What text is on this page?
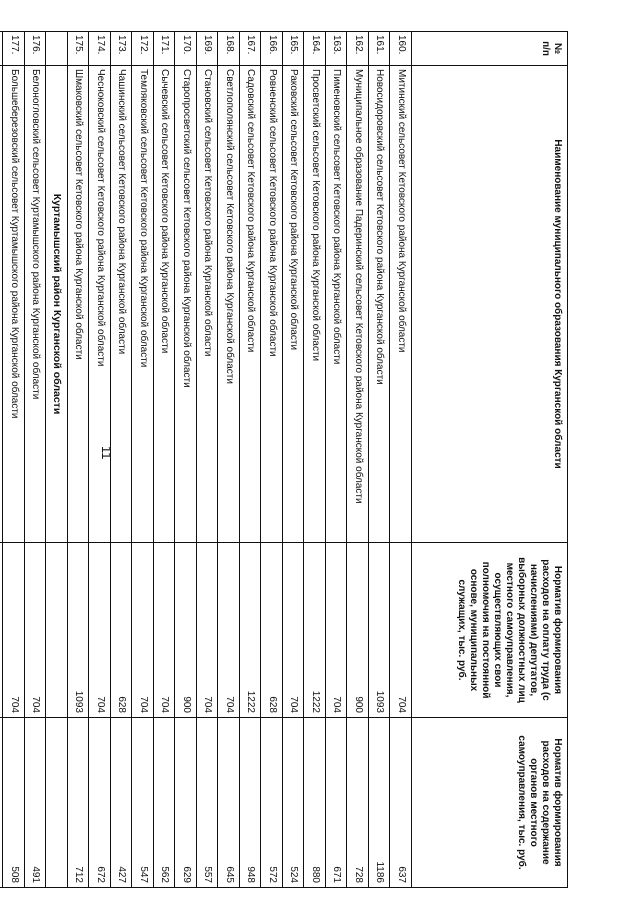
11
№
п/п	Наименование муниципального образования Курганской области	Норматив формирования расходов на оплату труда (с начислениями) депутатов, выборных должностных лиц местного самоуправления, осуществляющих свои полномочия на постоянной основе, муниципальных служащих, тыс. руб.	Норматив формирования расходов на содержание органов местного самоуправления, тыс. руб.
160.	Митинский сельсовет Кетовского района Курганской области	704	637
161.	Новосидоровский сельсовет Кетовского района Курганской области	1093	1186
162.	Муниципальное образование Падеринский сельсовет Кетовского района Курганской области	900	728
163.	Пименовский сельсовет Кетовского района Курганской области	704	671
164.	Просветский сельсовет Кетовского района Курганской области	1222	880
165.	Раковский сельсовет Кетовского района Курганской области	704	524
166.	Ровненский сельсовет Кетовского района Курганской области	628	572
167.	Садовский сельсовет Кетовского района Курганской области	1222	948
168.	Светлополянский сельсовет Кетовского района Курганской области	704	645
169.	Становский сельсовет Кетовского района Курганской области	704	557
170.	Старопросветский сельсовет Кетовского района Курганской области	900	629
171.	Сычевский сельсовет Кетовского района Курганской области	704	562
172.	Темляковский сельсовет Кетовского района Курганской области	704	547
173.	Чашинский сельсовет Кетовского района Курганской области	628	427
174.	Чесноковский сельсовет Кетовского района Курганской области	704	672
175.	Шмаковский сельсовет Кетовского района Курганской области	1093	712
	Куртамышский район Курганской области		
176.	Белоногловский сельсовет Куртамышского района Курганской области	704	491
177.	Большеберезовский сельсовет Куртамышского района Курганской области	704	508
